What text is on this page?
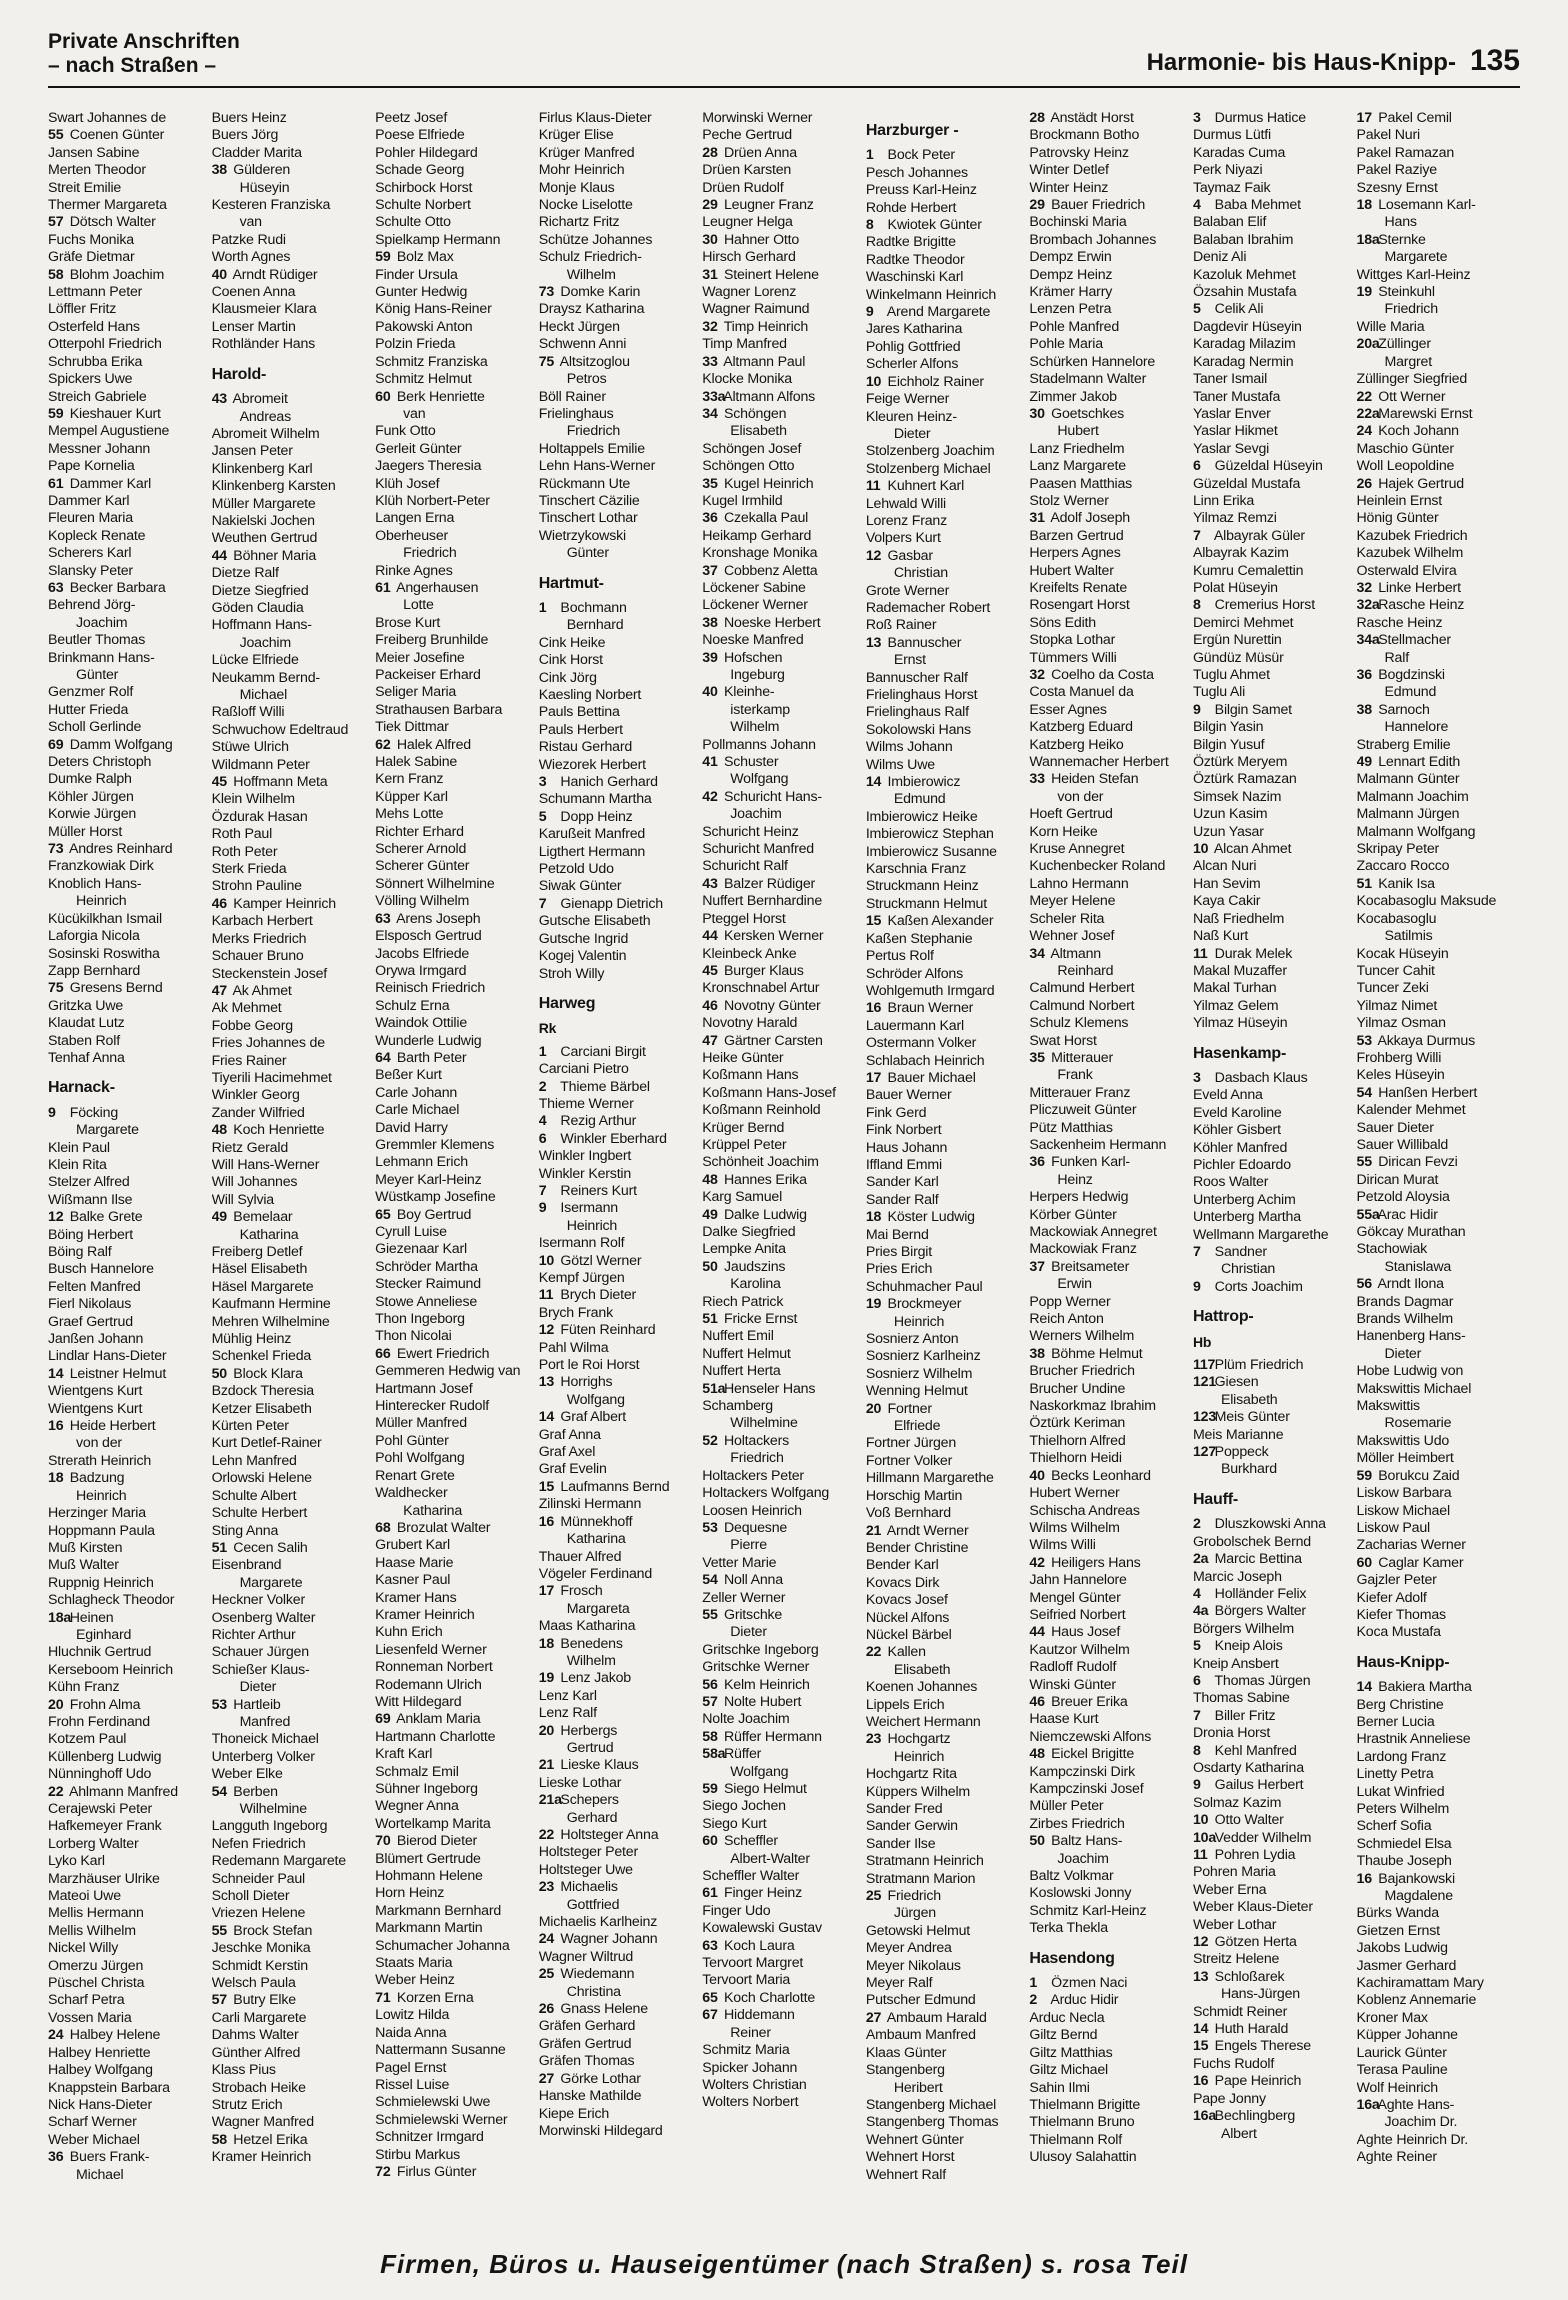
Private Anschriften
– nach Straßen –	Harmonie- bis Haus-Knipp- 135
Swart Johannes de
55 Coenen Günter
Jansen Sabine
Merten Theodor
Streit Emilie
Thermer Margareta
57 Dötsch Walter
Fuchs Monika
Gräfe Dietmar
58 Blohm Joachim
Lettmann Peter
Löffler Fritz
Osterfeld Hans
Otterpohl Friedrich
Schrubba Erika
Spickers Uwe
Streich Gabriele
59 Kieshauer Kurt
Mempel Augustiene
Messner Johann
Pape Kornelia
61 Dammer Karl
Dammer Karl
Fleuren Maria
Kopleck Renate
Scherers Karl
Slansky Peter
63 Becker Barbara
Behrend Jörg-
Joachim
Beutler Thomas
Brinkmann Hans-
Günter
Genzmer Rolf
Hutter Frieda
Scholl Gerlinde
69 Damm Wolfgang
Deters Christoph
Dumke Ralph
Köhler Jürgen
Korwie Jürgen
Müller Horst
73 Andres Reinhard
Franzkowiak Dirk
Knoblich Hans-
Heinrich
Kücükilkhan Ismail
Laforgia Nicola
Sosinski Roswitha
Zapp Bernhard
75 Gresens Bernd
Gritzka Uwe
Klaudat Lutz
Staben Rolf
Tenhaf Anna
Harnack-
9 Föcking
Margarete
Klein Paul
Klein Rita
Stelzer Alfred
Wißmann Ilse
12 Balke Grete
Böing Herbert
Böing Ralf
Busch Hannelore
Felten Manfred
Fierl Nikolaus
Graef Gertrud
Janßen Johann
Lindlar Hans-Dieter
14 Leistner Helmut
Wientgens Kurt
Wientgens Kurt
16 Heide Herbert
von der
Strerath Heinrich
18 Badzung
Heinrich
Herzinger Maria
Hoppmann Paula
Muß Kirsten
Muß Walter
Ruppnig Heinrich
Schlagheck Theodor
18a Heinen
Eginhard
Hluchnik Gertrud
Kerseboom Heinrich
Kühn Franz
20 Frohn Alma
Frohn Ferdinand
Kotzem Paul
Küllenberg Ludwig
Nünninghoff Udo
22 Ahlmann Manfred
Cerajewski Peter
Hafkemeyer Frank
Lorberg Walter
Lyko Karl
Marzhäuser Ulrike
Mateoi Uwe
Mellis Hermann
Mellis Wilhelm
Nickel Willy
Omerzu Jürgen
Püschel Christa
Scharf Petra
Vossen Maria
24 Halbey Helene
Halbey Henriette
Halbey Wolfgang
Knappstein Barbara
Nick Hans-Dieter
Scharf Werner
Weber Michael
36 Buers Frank-
Michael
Buers Heinz
Buers Jörg
Cladder Marita
38 Gülderen
Hüseyin
Kesteren Franziska
van
Patzke Rudi
Worth Agnes
40 Arndt Rüdiger
Coenen Anna
Klausmeier Klara
Lenser Martin
Rothländer Hans
Harold-
43 Abromeit
Andreas
Abromeit Wilhelm
Jansen Peter
Klinkenberg Karl
Klinkenberg Karsten
Müller Margarete
Nakielski Jochen
Weuthen Gertrud
44 Böhner Maria
Dietze Ralf
Dietze Siegfried
Göden Claudia
Hoffmann Hans-
Joachim
Lücke Elfriede
Neukamm Bernd-
Michael
Raßloff Willi
Schwuchow Edeltraud
Stüwe Ulrich
Wildmann Peter
45 Hoffmann Meta
Klein Wilhelm
Özdurak Hasan
Roth Paul
Roth Peter
Sterk Frieda
Strohn Pauline
46 Kamper Heinrich
Karbach Herbert
Merks Friedrich
Schauer Bruno
Steckenstein Josef
47 Ak Ahmet
Ak Mehmet
Fobbe Georg
Fries Johannes de
Fries Rainer
Tiyerili Hacimehmet
Winkler Georg
Zander Wilfried
48 Koch Henriette
Rietz Gerald
Will Hans-Werner
Will Johannes
Will Sylvia
49 Bemelaar
Katharina
Freiberg Detlef
Häsel Elisabeth
Häsel Margarete
Kaufmann Hermine
Mehren Wilhelmine
Mühlig Heinz
Schenkel Frieda
50 Block Klara
Bzdock Theresia
Ketzer Elisabeth
Kürten Peter
Kurt Detlef-Rainer
Lehn Manfred
Orlowski Helene
Schulte Albert
Schulte Herbert
Sting Anna
51 Cecen Salih
Eisenbrand
Margarete
Heckner Volker
Osenberg Walter
Richter Arthur
Schauer Jürgen
Schießer Klaus-
Dieter
53 Hartleib
Manfred
Thoneick Michael
Unterberg Volker
Weber Elke
54 Berben
Wilhelmine
Langguth Ingeborg
Nefen Friedrich
Redemann Margarete
Schneider Paul
Scholl Dieter
Vriezen Helene
55 Brock Stefan
Jeschke Monika
Schmidt Kerstin
Welsch Paula
57 Butry Elke
Carli Margarete
Dahms Walter
Günther Alfred
Klass Pius
Strobach Heike
Strutz Erich
Wagner Manfred
58 Hetzel Erika
Kramer Heinrich
Peetz Josef
Poese Elfriede
Pohler Hildegard
Schade Georg
Schirbock Horst
Schulte Norbert
Schulte Otto
Spielkamp Hermann
59 Bolz Max
Finder Ursula
Gunter Hedwig
König Hans-Reiner
Pakowski Anton
Polzin Frieda
Schmitz Franziska
Schmitz Helmut
60 Berk Henriette
van
Funk Otto
Gerleit Günter
Jaegers Theresia
Klüh Josef
Klüh Norbert-Peter
Langen Erna
Oberheuser
Friedrich
Rinke Agnes
61 Angerhausen
Lotte
Brose Kurt
Freiberg Brunhilde
Meier Josefine
Packeiser Erhard
Seliger Maria
Strathausen Barbara
Tiek Dittmar
62 Halek Alfred
Halek Sabine
Kern Franz
Küpper Karl
Mehs Lotte
Richter Erhard
Scherer Arnold
Scherer Günter
Sönnert Wilhelmine
Völling Wilhelm
63 Arens Joseph
Elsposch Gertrud
Jacobs Elfriede
Orywa Irmgard
Reinisch Friedrich
Schulz Erna
Waindok Ottilie
Wunderle Ludwig
64 Barth Peter
Beßer Kurt
Carle Johann
Carle Michael
David Harry
Gremmler Klemens
Lehmann Erich
Meyer Karl-Heinz
Wüstkamp Josefine
65 Boy Gertrud
Cyrull Luise
Giezenaar Karl
Schröder Martha
Stecker Raimund
Stowe Anneliese
Thon Ingeborg
Thon Nicolai
66 Ewert Friedrich
Gemmeren Hedwig van
Hartmann Josef
Hinterecker Rudolf
Müller Manfred
Pohl Günter
Pohl Wolfgang
Renart Grete
Waldhecker
Katharina
68 Brozulat Walter
Grubert Karl
Haase Marie
Kasner Paul
Kramer Hans
Kramer Heinrich
Kuhn Erich
Liesenfeld Werner
Ronneman Norbert
Rodemann Ulrich
Witt Hildegard
69 Anklam Maria
Hartmann Charlotte
Kraft Karl
Schmalz Emil
Sühner Ingeborg
Wegner Anna
Wortelkamp Marita
70 Bierod Dieter
Blümert Gertrude
Hohmann Helene
Horn Heinz
Markmann Bernhard
Markmann Martin
Schumacher Johanna
Staats Maria
Weber Heinz
71 Korzen Erna
Lowitz Hilda
Naida Anna
Nattermann Susanne
Pagel Ernst
Rissel Luise
Schmielewski Uwe
Schmielewski Werner
Schnitzer Irmgard
Stirbu Markus
72 Firlus Günter
Firlus Klaus-Dieter
Krüger Elise
Krüger Manfred
Mohr Heinrich
Monje Klaus
Nocke Liselotte
Richartz Fritz
Schütze Johannes
Schulz Friedrich-
Wilhelm
73 Domke Karin
Draysz Katharina
Heckt Jürgen
Schwenn Anni
75 Altsitzoglou
Petros
Böll Rainer
Frielinghaus
Friedrich
Holtappels Emilie
Lehn Hans-Werner
Rückmann Ute
Tinschert Cäzilie
Tinschert Lothar
Wietrzykowski
Günter
Hartmut-
1 Bochmann
Bernhard
Cink Heike
Cink Horst
Cink Jörg
Kaesling Norbert
Pauls Bettina
Pauls Herbert
Ristau Gerhard
Wiezorek Herbert
3 Hanich Gerhard
Schumann Martha
5 Dopp Heinz
Karußeit Manfred
Ligthert Hermann
Petzold Udo
Siwak Günter
7 Gienapp Dietrich
Gutsche Elisabeth
Gutsche Ingrid
Kogej Valentin
Stroh Willy
Harweg
Rk
1 Carciani Birgit
Carciani Pietro
2 Thieme Bärbel
Thieme Werner
4 Rezig Arthur
6 Winkler Eberhard
Winkler Ingbert
Winkler Kerstin
7 Reiners Kurt
9 Isermann
Heinrich
Isermann Rolf
10 Götzl Werner
Kempf Jürgen
11 Brych Dieter
Brych Frank
12 Füten Reinhard
Pahl Wilma
Port le Roi Horst
13 Horrighs
Wolfgang
14 Graf Albert
Graf Anna
Graf Axel
Graf Evelin
15 Laufmanns Bernd
Zilinski Hermann
16 Münnekhoff
Katharina
Thauer Alfred
Vögeler Ferdinand
17 Frosch
Margareta
Maas Katharina
18 Benedens
Wilhelm
19 Lenz Jakob
Lenz Karl
Lenz Ralf
20 Herbergs
Gertrud
21 Lieske Klaus
Lieske Lothar
21a Schepers
Gerhard
22 Holtsteger Anna
Holtsteger Peter
Holtsteger Uwe
23 Michaelis
Gottfried
Michaelis Karlheinz
24 Wagner Johann
Wagner Wiltrud
25 Wiedemann
Christina
26 Gnass Helene
Gräfen Gerhard
Gräfen Gertrud
Gräfen Thomas
27 Görke Lothar
Hanske Mathilde
Kiepe Erich
Morwinski Hildegard
Morwinski Werner
Peche Gertrud
28 Drüen Anna
Drüen Karsten
Drüen Rudolf
29 Leugner Franz
Leugner Helga
30 Hahner Otto
Hirsch Gerhard
31 Steinert Helene
Wagner Lorenz
Wagner Raimund
32 Timp Heinrich
Timp Manfred
33 Altmann Paul
Klocke Monika
33a Altmann Alfons
34 Schöngen
Elisabeth
Schöngen Josef
Schöngen Otto
35 Kugel Heinrich
Kugel Irmhild
36 Czekalla Paul
Heikamp Gerhard
Kronshage Monika
37 Cobbenz Aletta
Löckener Sabine
Löckener Werner
38 Noeske Herbert
Noeske Manfred
39 Hofschen
Ingeburg
40 Kleinhe-
isterkamp
Wilhelm
Pollmanns Johann
41 Schuster
Wolfgang
42 Schuricht Hans-
Joachim
Schuricht Heinz
Schuricht Manfred
Schuricht Ralf
43 Balzer Rüdiger
Nuffert Bernhardine
Pteggel Horst
44 Kersken Werner
Kleinbeck Anke
45 Burger Klaus
Kronschnabel Artur
46 Novotny Günter
Novotny Harald
47 Gärtner Carsten
Heike Günter
Koßmann Hans
Koßmann Hans-Josef
Koßmann Reinhold
Krüger Bernd
Krüppel Peter
Schönheit Joachim
48 Hannes Erika
Karg Samuel
49 Dalke Ludwig
Dalke Siegfried
Lempke Anita
50 Jaudszins
Karolina
Riech Patrick
51 Fricke Ernst
Nuffert Emil
Nuffert Helmut
Nuffert Herta
51a Henseler Hans
Schamberg
Wilhelmine
52 Holtackers
Friedrich
Holtackers Peter
Holtackers Wolfgang
Loosen Heinrich
53 Dequesne
Pierre
Vetter Marie
54 Noll Anna
Zeller Werner
55 Gritschke
Dieter
Gritschke Ingeborg
Gritschke Werner
56 Kelm Heinrich
57 Nolte Hubert
Nolte Joachim
58 Rüffer Hermann
58a Rüffer
Wolfgang
59 Siego Helmut
Siego Jochen
Siego Kurt
60 Scheffler
Albert-Walter
Scheffler Walter
61 Finger Heinz
Finger Udo
Kowalewski Gustav
63 Koch Laura
Tervoort Margret
Tervoort Maria
65 Koch Charlotte
67 Hiddemann
Reiner
Schmitz Maria
Spicker Johann
Wolters Christian
Wolters Norbert
Harzburger -
1 Bock Peter
Pesch Johannes
Preuss Karl-Heinz
Rohde Herbert
8 Kwiotek Günter
Radtke Brigitte
Radtke Theodor
Waschinski Karl
Winkelmann Heinrich
9 Arend Margarete
Jares Katharina
Pohlig Gottfried
Scherler Alfons
10 Eichholz Rainer
Feige Werner
Kleuren Heinz-
Dieter
Stolzenberg Joachim
Stolzenberg Michael
11 Kuhnert Karl
Lehwald Willi
Lorenz Franz
Volpers Kurt
12 Gasbar
Christian
Grote Werner
Rademacher Robert
Roß Rainer
13 Bannuscher
Ernst
Bannuscher Ralf
Frielinghaus Horst
Frielinghaus Ralf
Sokolowski Hans
Wilms Johann
Wilms Uwe
14 Imbierowicz
Edmund
Imbierowicz Heike
Imbierowicz Stephan
Imbierowicz Susanne
Karschnia Franz
Struckmann Heinz
Struckmann Helmut
15 Kaßen Alexander
Kaßen Stephanie
Pertus Rolf
Schröder Alfons
Wohlgemuth Irmgard
16 Braun Werner
Lauermann Karl
Ostermann Volker
Schlabach Heinrich
17 Bauer Michael
Bauer Werner
Fink Gerd
Fink Norbert
Haus Johann
Iffland Emmi
Sander Karl
Sander Ralf
18 Köster Ludwig
Mai Bernd
Pries Birgit
Pries Erich
Schuhmacher Paul
19 Brockmeyer
Heinrich
Sosnierz Anton
Sosnierz Karlheinz
Sosnierz Wilhelm
Wenning Helmut
20 Fortner
Elfriede
Fortner Jürgen
Fortner Volker
Hillmann Margarethe
Horschig Martin
Voß Bernhard
21 Arndt Werner
Bender Christine
Bender Karl
Kovacs Dirk
Kovacs Josef
Nückel Alfons
Nückel Bärbel
22 Kallen
Elisabeth
Koenen Johannes
Lippels Erich
Weichert Hermann
23 Hochgartz
Heinrich
Hochgartz Rita
Küppers Wilhelm
Sander Fred
Sander Gerwin
Sander Ilse
Stratmann Heinrich
Stratmann Marion
25 Friedrich
Jürgen
Getowski Helmut
Meyer Andrea
Meyer Nikolaus
Meyer Ralf
Putscher Edmund
27 Ambaum Harald
Ambaum Manfred
Klaas Günter
Stangenberg
Heribert
Stangenberg Michael
Stangenberg Thomas
Wehnert Günter
Wehnert Horst
Wehnert Ralf
28 Anstädt Horst
Brockmann Botho
Patrovsky Heinz
Winter Detlef
Winter Heinz
29 Bauer Friedrich
Bochinski Maria
Brombach Johannes
Dempz Erwin
Dempz Heinz
Krämer Harry
Lenzen Petra
Pohle Manfred
Pohle Maria
Schürken Hannelore
Stadelmann Walter
Zimmer Jakob
30 Goetschkes
Hubert
Lanz Friedhelm
Lanz Margarete
Paasen Matthias
Stolz Werner
31 Adolf Joseph
Barzen Gertrud
Herpers Agnes
Hubert Walter
Kreifelts Renate
Rosengart Horst
Söns Edith
Stopka Lothar
Tümmers Willi
32 Coelho da Costa
Costa Manuel da
Esser Agnes
Katzberg Eduard
Katzberg Heiko
Wannemacher Herbert
33 Heiden Stefan
von der
Hoeft Gertrud
Korn Heike
Kruse Annegret
Kuchenbecker Roland
Lahno Hermann
Meyer Helene
Scheler Rita
Wehner Josef
34 Altmann
Reinhard
Calmund Herbert
Calmund Norbert
Schulz Klemens
Swat Horst
35 Mitterauer
Frank
Mitterauer Franz
Pliczuweit Günter
Pütz Matthias
Sackenheim Hermann
36 Funken Karl-
Heinz
Herpers Hedwig
Körber Günter
Mackowiak Annegret
Mackowiak Franz
37 Breitsameter
Erwin
Popp Werner
Reich Anton
Werners Wilhelm
38 Böhme Helmut
Brucher Friedrich
Brucher Undine
Naskorkmaz Ibrahim
Öztürk Keriman
Thielhorn Alfred
Thielhorn Heidi
40 Becks Leonhard
Hubert Werner
Schischa Andreas
Wilms Wilhelm
Wilms Willi
42 Heiligers Hans
Jahn Hannelore
Mengel Günter
Seifried Norbert
44 Haus Josef
Kautzor Wilhelm
Radloff Rudolf
Winski Günter
46 Breuer Erika
Haase Kurt
Niemczewski Alfons
48 Eickel Brigitte
Kampczinski Dirk
Kampczinski Josef
Müller Peter
Zirbes Friedrich
50 Baltz Hans-
Joachim
Baltz Volkmar
Koslowski Jonny
Schmitz Karl-Heinz
Terka Thekla
Hasendong
1 Özmen Naci
2 Arduc Hidir
Arduc Necla
Giltz Bernd
Giltz Matthias
Giltz Michael
Sahin Ilmi
Thielmann Brigitte
Thielmann Bruno
Thielmann Rolf
Ulusoy Salahattin
3 Durmus Hatice
Durmus Lütfi
Karadas Cuma
Perk Niyazi
Taymaz Faik
4 Baba Mehmet
Balaban Elif
Balaban Ibrahim
Deniz Ali
Kazoluk Mehmet
Özsahin Mustafa
5 Celik Ali
Dagdevir Hüseyin
Karadag Milazim
Karadag Nermin
Taner Ismail
Taner Mustafa
Yaslar Enver
Yaslar Hikmet
Yaslar Sevgi
6 Güzeldal Hüseyin
Güzeldal Mustafa
Linn Erika
Yilmaz Remzi
7 Albayrak Güler
Albayrak Kazim
Kumru Cemalettin
Polat Hüseyin
8 Cremerius Horst
Demirci Mehmet
Ergün Nurettin
Gündüz Müsür
Tuglu Ahmet
Tuglu Ali
9 Bilgin Samet
Bilgin Yasin
Bilgin Yusuf
Öztürk Meryem
Öztürk Ramazan
Simsek Nazim
Uzun Kasim
Uzun Yasar
10 Alcan Ahmet
Alcan Nuri
Han Sevim
Kaya Cakir
Naß Friedhelm
Naß Kurt
11 Durak Melek
Makal Muzaffer
Makal Turhan
Yilmaz Gelem
Yilmaz Hüseyin
Hasenkamp-
3 Dasbach Klaus
Eveld Anna
Eveld Karoline
Köhler Gisbert
Köhler Manfred
Pichler Edoardo
Roos Walter
Unterberg Achim
Unterberg Martha
Wellmann Margarethe
7 Sandner
Christian
9 Corts Joachim
Hattrop-
Hb
117 Plüm Friedrich
121 Giesen
Elisabeth
123 Meis Günter
Meis Marianne
127 Poppeck
Burkhard
Hauff-
2 Dluszkowski Anna
Grobolschek Bernd
2a Marcic Bettina
Marcic Joseph
4 Holländer Felix
4a Börgers Walter
Börgers Wilhelm
5 Kneip Alois
Kneip Ansbert
6 Thomas Jürgen
Thomas Sabine
7 Biller Fritz
Dronia Horst
8 Kehl Manfred
Osdarty Katharina
9 Gailus Herbert
Solmaz Kazim
10 Otto Walter
10a Vedder Wilhelm
11 Pohren Lydia
Pohren Maria
Weber Erna
Weber Klaus-Dieter
Weber Lothar
12 Götzen Herta
Streitz Helene
13 Schloßarek
Hans-Jürgen
Schmidt Reiner
14 Huth Harald
15 Engels Therese
Fuchs Rudolf
16 Pape Heinrich
Pape Jonny
16a Bechlingberg
Albert
17 Pakel Cemil
Pakel Nuri
Pakel Ramazan
Pakel Raziye
Szesny Ernst
18 Losemann Karl-
Hans
18a Sternke
Margarete
Wittges Karl-Heinz
19 Steinkuhl
Friedrich
Wille Maria
20a Züllinger
Margret
Züllinger Siegfried
22 Ott Werner
22a Marewski Ernst
24 Koch Johann
Maschio Günter
Woll Leopoldine
26 Hajek Gertrud
Heinlein Ernst
Hönig Günter
Kazubek Friedrich
Kazubek Wilhelm
Osterwald Elvira
32 Linke Herbert
32a Rasche Heinz
Rasche Heinz
34a Stellmacher
Ralf
36 Bogdzinski
Edmund
38 Sarnoch
Hannelore
Straberg Emilie
49 Lennart Edith
Malmann Günter
Malmann Joachim
Malmann Jürgen
Malmann Wolfgang
Skripay Peter
Zaccaro Rocco
51 Kanik Isa
Kocabasoglu Maksude
Kocabasoglu
Satilmis
Kocak Hüseyin
Tuncer Cahit
Tuncer Zeki
Yilmaz Nimet
Yilmaz Osman
53 Akkaya Durmus
Frohberg Willi
Keles Hüseyin
54 Hanßen Herbert
Kalender Mehmet
Sauer Dieter
Sauer Willibald
55 Dirican Fevzi
Dirican Murat
Petzold Aloysia
55a Arac Hidir
Gökcay Murathan
Stachowiak
Stanislawa
56 Arndt Ilona
Brands Dagmar
Brands Wilhelm
Hanenberg Hans-
Dieter
Hobe Ludwig von
Makswittis Michael
Makswittis
Rosemarie
Makswittis Udo
Möller Heimbert
59 Borukcu Zaid
Liskow Barbara
Liskow Michael
Liskow Paul
Zacharias Werner
60 Caglar Kamer
Gajzler Peter
Kiefer Adolf
Kiefer Thomas
Koca Mustafa
Haus-Knipp-
14 Bakiera Martha
Berg Christine
Berner Lucia
Hrastnik Anneliese
Lardong Franz
Linetty Petra
Lukat Winfried
Peters Wilhelm
Scherf Sofia
Schmiedel Elsa
Thaube Joseph
16 Bajankowski
Magdalene
Bürks Wanda
Gietzen Ernst
Jakobs Ludwig
Jasmer Gerhard
Kachiramattam Mary
Koblenz Annemarie
Kroner Max
Küpper Johanne
Laurick Günter
Terasa Pauline
Wolf Heinrich
16a Aghte Hans-
Joachim Dr.
Aghte Heinrich Dr.
Aghte Reiner
Firmen, Büros u. Hauseigentümer (nach Straßen) s. rosa Teil
